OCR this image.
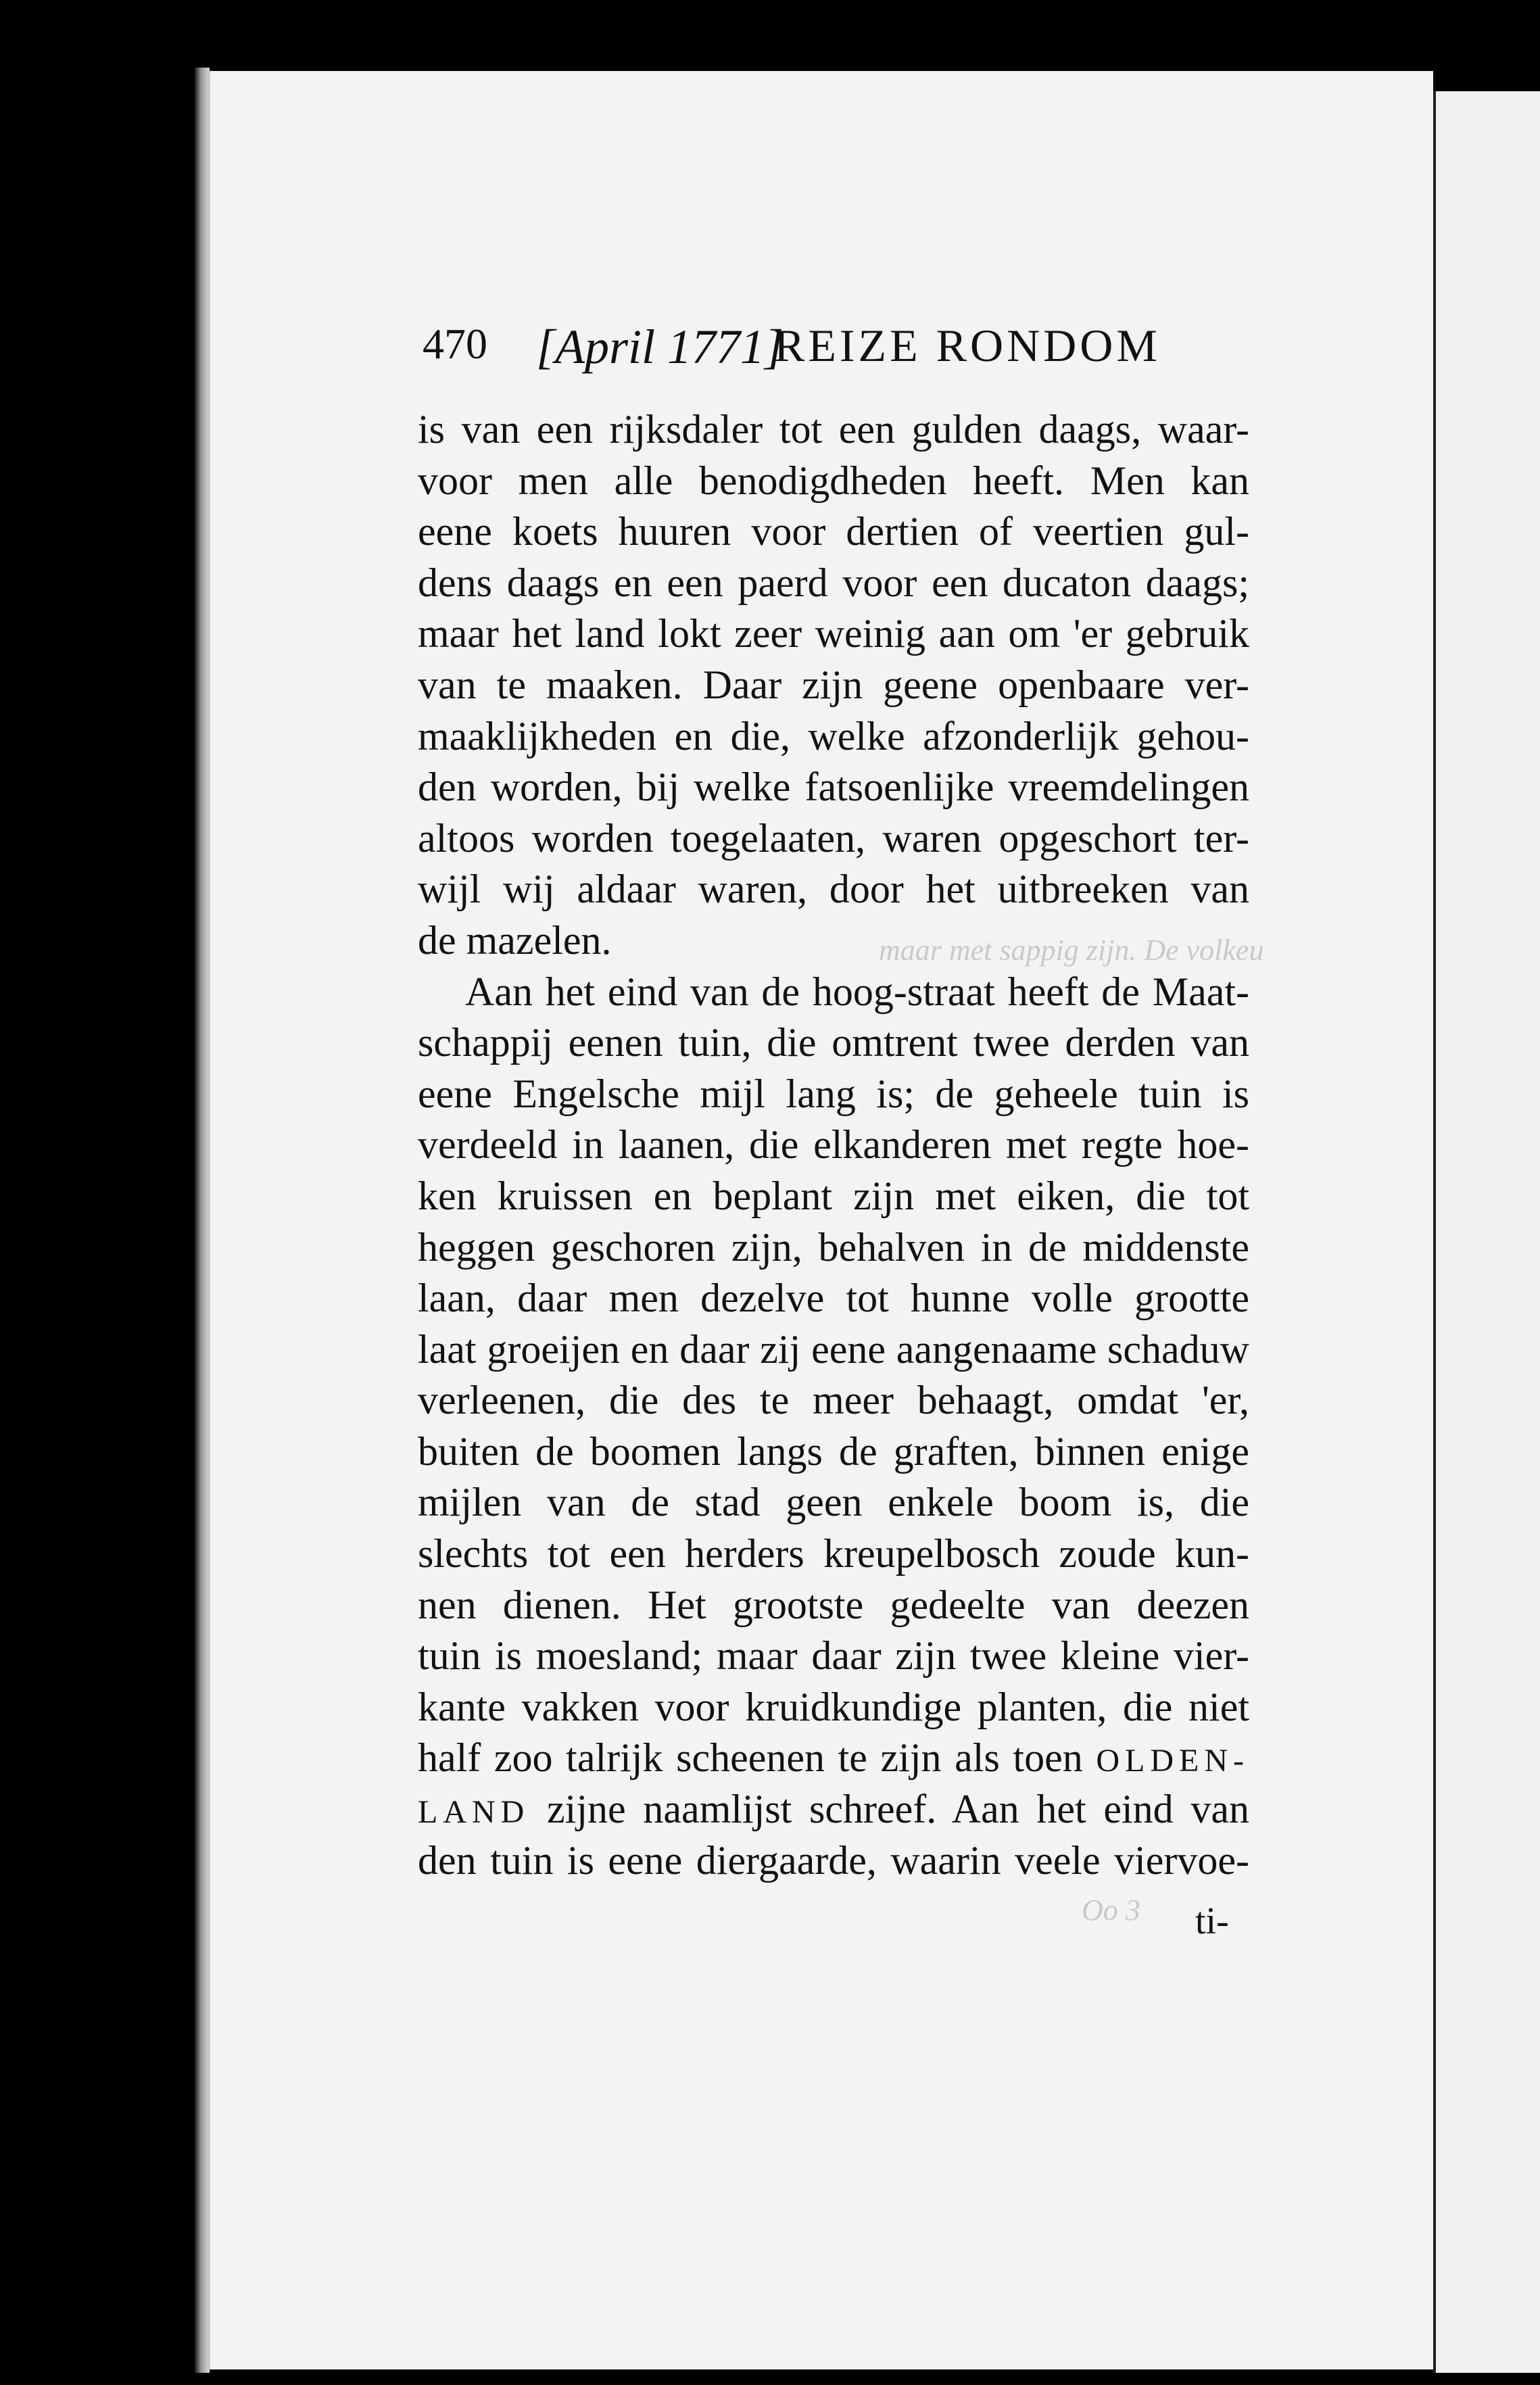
maar met sappig zijn. De volkeu
Oo 3
470 [April 1771]
REIZE RONDOM
is van een rijksdaler tot een gulden daags, waar-
voor men alle benodigdheden heeft. Men kan
eene koets huuren voor dertien of veertien gul-
dens daags en een paerd voor een ducaton daags;
maar het land lokt zeer weinig aan om 'er gebruik
van te maaken. Daar zijn geene openbaare ver-
maaklijkheden en die, welke afzonderlijk gehou-
den worden, bij welke fatsoenlijke vreemdelingen
altoos worden toegelaaten, waren opgeschort ter-
wijl wij aldaar waren, door het uitbreeken van
de mazelen.
Aan het eind van de hoog-straat heeft de Maat-
schappij eenen tuin, die omtrent twee derden van
eene Engelsche mijl lang is; de geheele tuin is
verdeeld in laanen, die elkanderen met regte hoe-
ken kruissen en beplant zijn met eiken, die tot
heggen geschoren zijn, behalven in de middenste
laan, daar men dezelve tot hunne volle grootte
laat groeijen en daar zij eene aangenaame schaduw
verleenen, die des te meer behaagt, omdat 'er,
buiten de boomen langs de graften, binnen enige
mijlen van de stad geen enkele boom is, die
slechts tot een herders kreupelbosch zoude kun-
nen dienen. Het grootste gedeelte van deezen
tuin is moesland; maar daar zijn twee kleine vier-
kante vakken voor kruidkundige planten, die niet
half zoo talrijk scheenen te zijn als toen OLDEN-
LAND zijne naamlijst schreef. Aan het eind van
den tuin is eene diergaarde, waarin veele viervoe-
ti-
